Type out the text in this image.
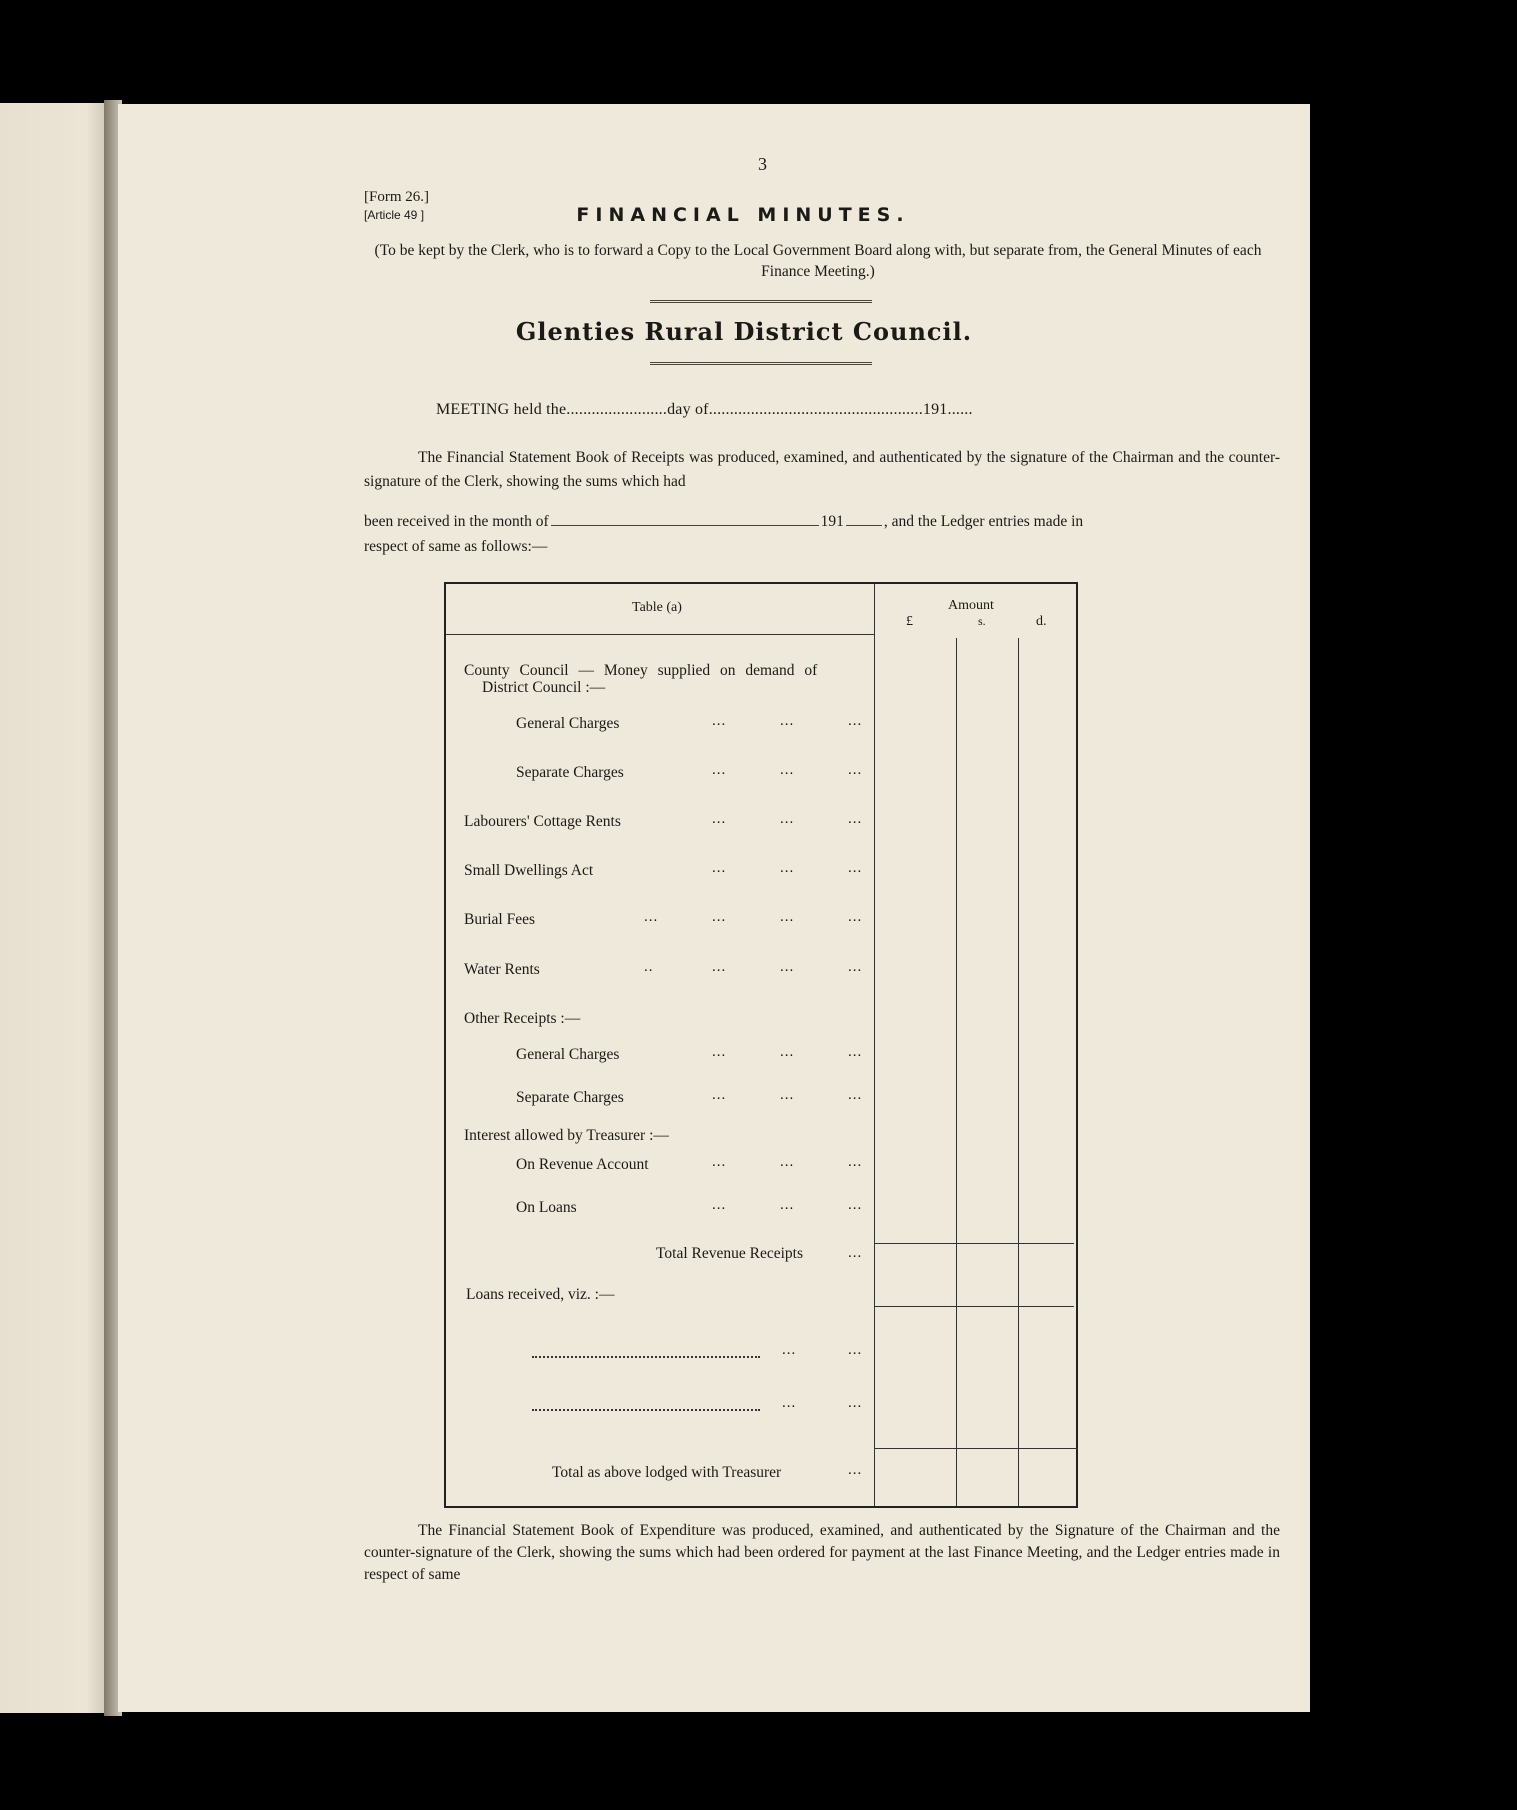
3
[Form 26.]
[Article 49 ]	FINANCIAL MINUTES.
(To be kept by the Clerk, who is to forward a Copy to the Local Government Board along with, but separate from, the General Minutes of each Finance Meeting.)
Glenties Rural District Council.
MEETING held the........................day of...................................................191......
The Financial Statement Book of Receipts was produced, examined, and authenticated by the signature of the Chairman and the counter-signature of the Clerk, showing the sums which had
been received in the month of	191	, and the Ledger entries made in
respect of same as follows:—
Table (a)	Amount
£	s.	d.
County Council — Money supplied on demand of
District Council :—
General Charges	...	...	...
Separate Charges	...	...	...
Labourers' Cottage Rents	...	...	...
Small Dwellings Act	...	...	...
Burial Fees	...	...	...	...
Water Rents	..	...	...	...
Other Receipts :—
General Charges	...	...	...
Separate Charges	...	...	...
Interest allowed by Treasurer :—
On Revenue Account	...	...	...
On Loans	...	...	...
Total Revenue Receipts	...
Loans received, viz. :—
...	...
...	...
Total as above lodged with Treasurer	...
The Financial Statement Book of Expenditure was produced, examined, and authenticated by the Signature of the Chairman and the counter-signature of the Clerk, showing the sums which had been ordered for payment at the last Finance Meeting, and the Ledger entries made in respect of same
